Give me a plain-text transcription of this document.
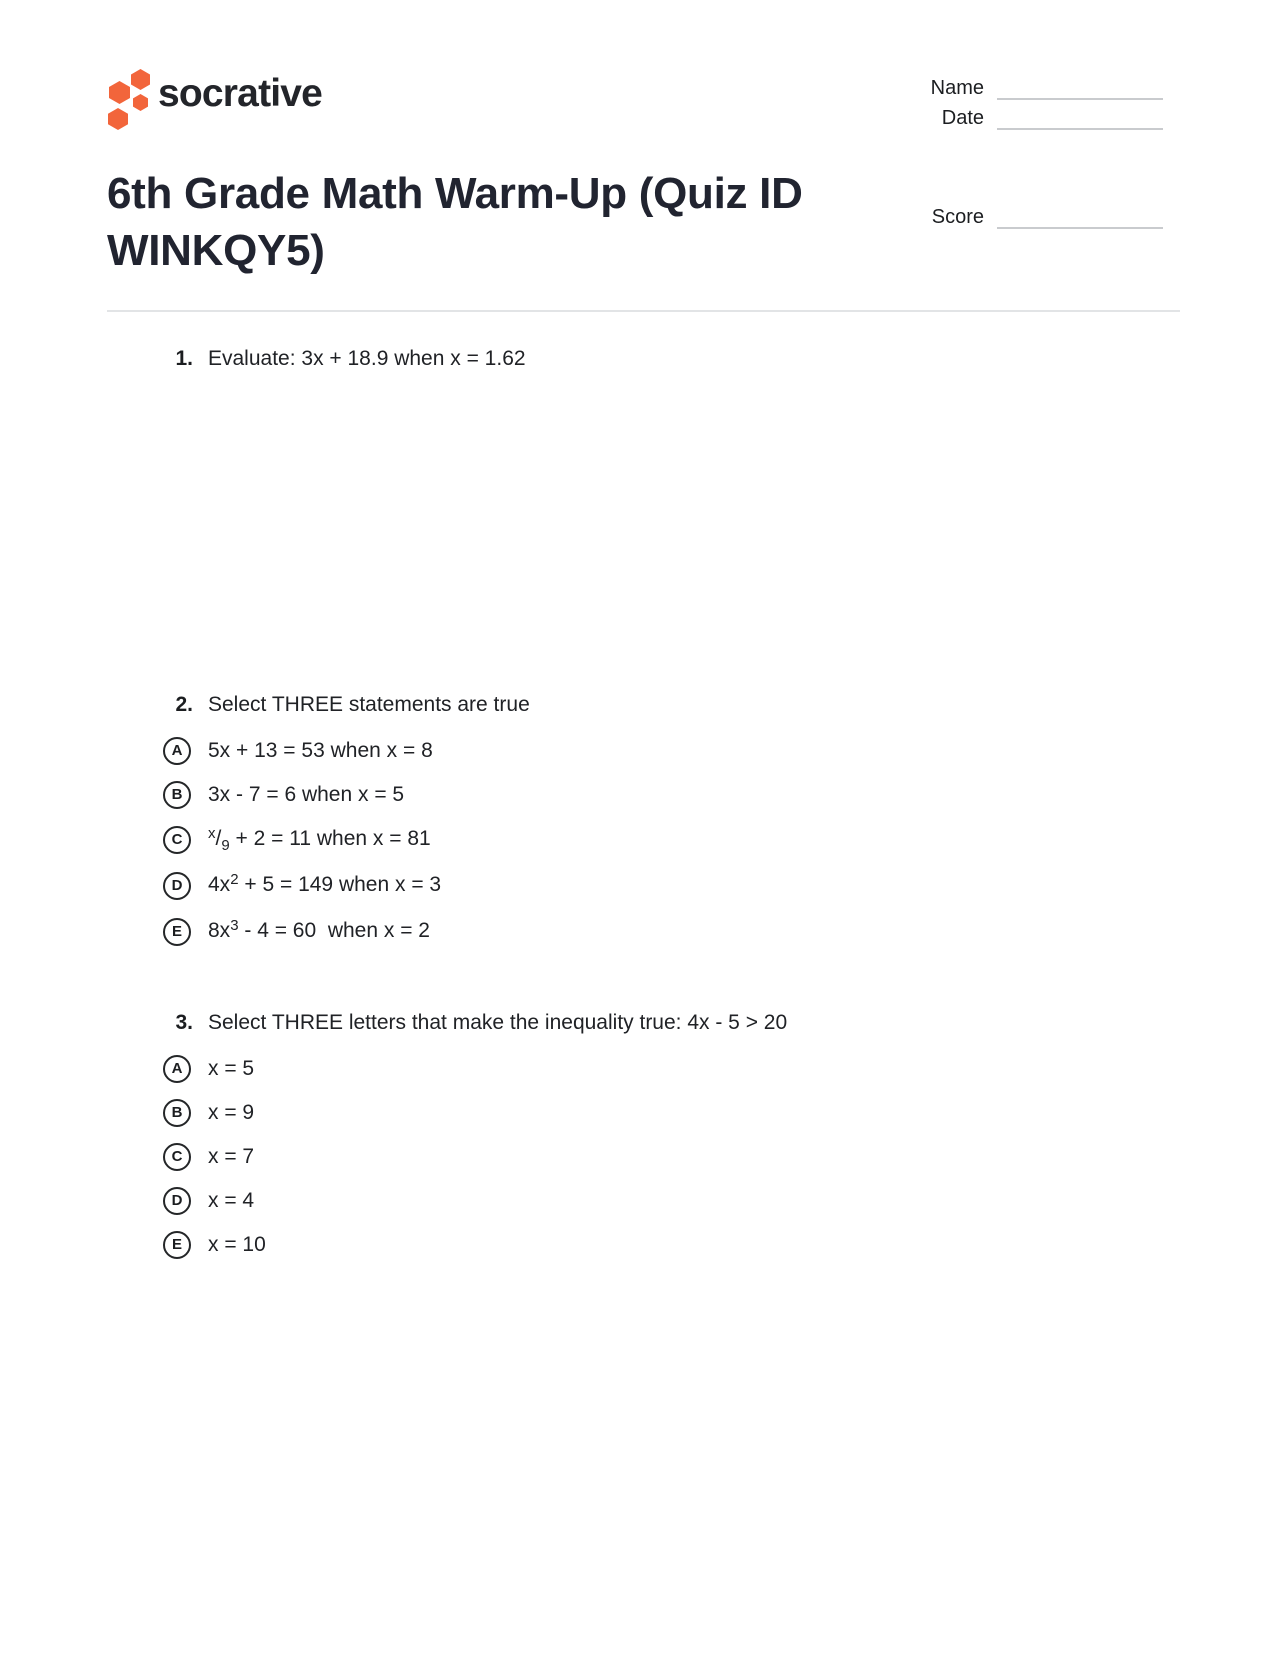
socrative	Name
Date
Score
6th Grade Math Warm-Up (Quiz ID WINKQY5)
1. Evaluate: 3x + 18.9 when x = 1.62
2. Select THREE statements are true
A	5x + 13 = 53 when x = 8
B	3x - 7 = 6 when x = 5
C	$^x/_9 + 2 = 11$ when x = 81
D	$4x^2 + 5 = 149$ when x = 3
E	$8x^3 - 4 = 60$  when x = 2
3. Select THREE letters that make the inequality true: 4x - 5 > 20
A	x = 5
B	x = 9
C	x = 7
D	x = 4
E	x = 10
